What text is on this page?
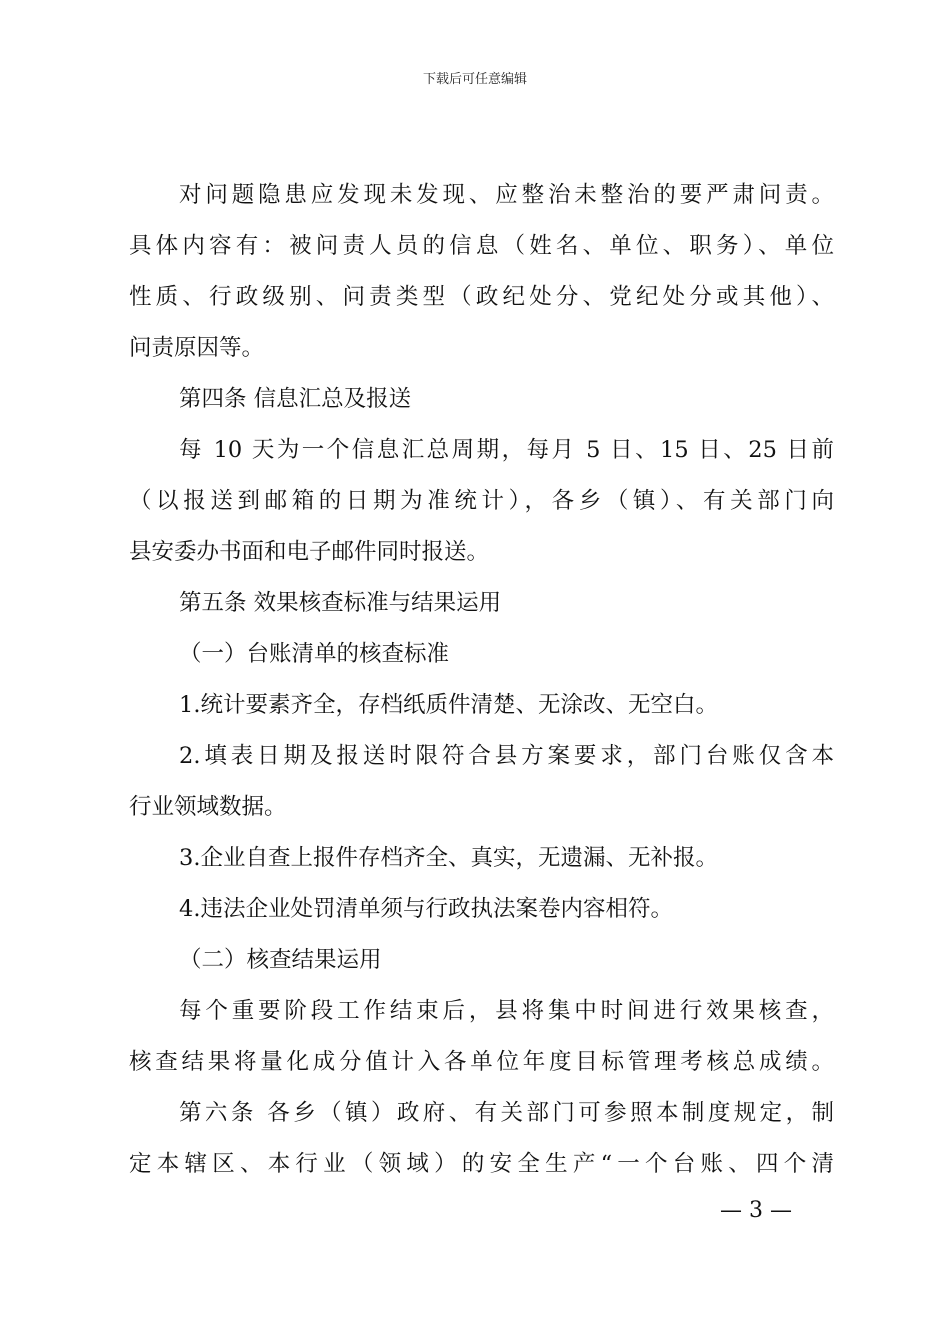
下载后可任意编辑
对问题隐患应发现未发现、应整治未整治的要严肃问责。
具体内容有：被问责人员的信息（姓名、单位、职务）、单位
性质、行政级别、问责类型（政纪处分、党纪处分或其他）、
问责原因等。
第四条 信息汇总及报送
每 10 天为一个信息汇总周期，每月 5 日、15 日、25 日前
（以报送到邮箱的日期为准统计），各乡（镇）、有关部门向
县安委办书面和电子邮件同时报送。
第五条 效果核查标准与结果运用
（一）台账清单的核查标准
1.统计要素齐全，存档纸质件清楚、无涂改、无空白。
2.填表日期及报送时限符合县方案要求，部门台账仅含本
行业领域数据。
3.企业自查上报件存档齐全、真实，无遗漏、无补报。
4.违法企业处罚清单须与行政执法案卷内容相符。
（二）核查结果运用
每个重要阶段工作结束后，县将集中时间进行效果核查，
核查结果将量化成分值计入各单位年度目标管理考核总成绩。
第六条 各乡（镇）政府、有关部门可参照本制度规定，制
定本辖区、本行业（领域）的安全生产“一个台账、四个清
— 3 —
